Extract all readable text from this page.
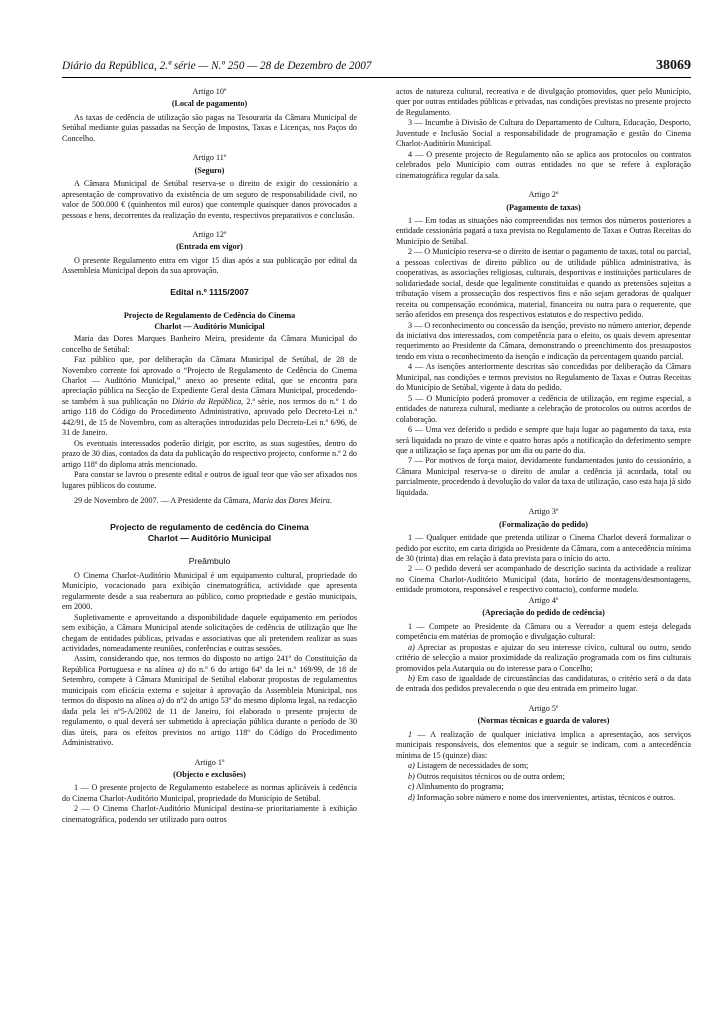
Diário da República, 2.ª série — N.º 250 — 28 de Dezembro de 2007	38069
Artigo 10º
(Local de pagamento)

As taxas de cedência de utilização são pagas na Tesouraria da Câmara Municipal de Setúbal mediante guias passadas na Secção de Impostos, Taxas e Licenças, nos Paços do Concelho.

Artigo 11º
(Seguro)

A Câmara Municipal de Setúbal reserva-se o direito de exigir do cessionário a apresentação de comprovativo da existência de um seguro de responsabilidade civil, no valor de 500.000 € (quinhentos mil euros) que contemple quaisquer danos provocados a pessoas e bens, decorrentes da realização do evento, respectivos preparativos e conclusão.

Artigo 12º
(Entrada em vigor)

O presente Regulamento entra em vigor 15 dias após a sua publicação por edital da Assembleia Municipal depois da sua aprovação.

Edital n.º 1115/2007
Projecto de Regulamento de Cedência do Cinema
Charlot — Auditório Municipal

Maria das Dores Marques Banheiro Meira, presidente da Câmara Municipal do concelho de Setúbal:

Faz público que, por deliberação da Câmara Municipal de Setúbal, de 28 de Novembro corrente foi aprovado o “Projecto de Regulamento de Cedência do Cinema Charlot — Auditório Municipal,” anexo ao presente edital, que se encontra para apreciação pública na Secção de Expediente Geral desta Câmara Municipal, procedendo-se também à sua publicação no Diário da República, 2.ª série, nos termos do n.º 1 do artigo 118 do Código do Procedimento Administrativo, aprovado pelo Decreto-Lei n.º 442/91, de 15 de Novembro, com as alterações introduzidas pelo Decreto-Lei n.º 6/96, de 31 de Janeiro.

Os eventuais interessados poderão dirigir, por escrito, as suas sugestões, dentro do prazo de 30 dias, contados da data da publicação do respectivo projecto, conforme n.º 2 do artigo 118º do diploma atrás mencionado.

Para constar se lavrou o presente edital e outros de igual teor que vão ser afixados nos lugares públicos do costume.

29 de Novembro de 2007. — A Presidente da Câmara, Maria das Dores Meira.

Projecto de regulamento de cedência do Cinema
Charlot — Auditório Municipal
Preâmbulo

O Cinema Charlot-Auditório Municipal é um equipamento cultural, propriedade do Município, vocacionado para exibição cinematográfica, actividade que apresenta regularmente desde a sua reabertura ao público, como propriedade e gestão municipais, em 2000.

Supletivamente e aproveitando a disponibilidade daquele equipamento em períodos sem exibição, a Câmara Municipal atende solicitações de cedência de utilização que lhe chegam de entidades públicas, privadas e associativas que ali pretendem realizar as suas actividades, nomeadamente reuniões, conferências e outras sessões.

Assim, considerando que, nos termos do disposto no artigo 241º do Constituição da República Portuguesa e na alínea a) do n.º 6 do artigo 64º da lei n.º 169/99, de 18 de Setembro, compete à Câmara Municipal de Setúbal elaborar propostas de regulamentos municipais com eficácia externa e sujeitar à aprovação da Assembleia Municipal, nos termos do disposto na alínea a) do nº2 do artigo 53º do mesmo diploma legal, na redacção dada pela lei nº5-A/2002 de 11 de Janeiro, foi elaborado o presente projecto de regulamento, o qual deverá ser submetido à apreciação pública durante o período de 30 dias úteis, para os efeitos previstos no artigo 118º do Código do Procedimento Administrativo.

Artigo 1º
(Objecto e exclusões)

1 — O presente projecto de Regulamento estabelece as normas aplicáveis à cedência do Cinema Charlot-Auditório Municipal, propriedade do Município de Setúbal.

2 — O Cinema Charlot-Auditório Municipal destina-se prioritariamente à exibição cinematográfica, podendo ser utilizado para outros

actos de natureza cultural, recreativa e de divulgação promovidos, quer pelo Município, quer por outras entidades públicas e privadas, nas condições previstas no presente projecto de Regulamento.

3 — Incumbe à Divisão de Cultura do Departamento de Cultura, Educação, Desporto, Juventude e Inclusão Social a responsabilidade de programação e gestão do Cinema Charlot-Auditório Municipal.

4 — O presente projecto de Regulamento não se aplica aos protocolos ou contratos celebrados pelo Município com outras entidades no que se refere à exploração cinematográfica regular da sala.

Artigo 2º
(Pagamento de taxas)

1 — Em todas as situações não compreendidas nos termos dos números posteriores a entidade cessionária pagará a taxa prevista no Regulamento de Taxas e Outras Receitas do Município de Setúbal.

2 — O Município reserva-se o direito de isentar o pagamento de taxas, total ou parcial, a pessoas colectivas de direito público ou de utilidade pública administrativa, às cooperativas, as associações religiosas, culturais, desportivas e instituições particulares de solidariedade social, desde que legalmente constituídas e quando as pretensões sujeitas a tributação visem a prossecução dos respectivos fins e não sejam geradoras de qualquer receita ou compensação económica, material, financeira ou outra para o requerente, que serão aferidos em presença dos respectivos estatutos e do respectivo pedido.

3 — O reconhecimento ou concessão da isenção, previsto no número anterior, depende da iniciativa dos interessados, com competência para o efeito, os quais devem apresentar requerimento ao Presidente da Câmara, demonstrando o preenchimento dos pressupostos tendo em vista o reconhecimento da isenção e indicação da percentagem quando parcial.

4 — As isenções anteriormente descritas são concedidas por deliberação da Câmara Municipal, nas condições e termos previstos no Regulamento de Taxas e Outras Receitas do Município de Setúbal, vigente à data do pedido.

5 — O Município poderá promover a cedência de utilização, em regime especial, a entidades de natureza cultural, mediante a celebração de protocolos ou outros acordos de colaboração.

6 — Uma vez deferido o pedido e sempre que haja lugar ao pagamento da taxa, esta será liquidada no prazo de vinte e quatro horas após a notificação do deferimento sempre que a utilização se faça apenas por um dia ou parte do dia.

7 — Por motivos de força maior, devidamente fundamentados junto do cessionário, a Câmara Municipal reserva-se o direito de anular a cedência já acordada, total ou parcialmente, procedendo à devolução do valor da taxa de utilização, caso esta haja já sido liquidada.

Artigo 3º
(Formalização do pedido)

1 — Qualquer entidade que pretenda utilizar o Cinema Charlot deverá formalizar o pedido por escrito, em carta dirigida ao Presidente da Câmara, com a antecedência mínima de 30 (trinta) dias em relação à data prevista para o início do acto.

2 — O pedido deverá ser acompanhado de descrição sucinta da actividade a realizar no Cinema Charlot-Auditório Municipal (data, horário de montagens/desmontagens, entidade promotora, responsável e respectivo contacto), conforme modelo.

Artigo 4º
(Apreciação do pedido de cedência)

1 — Compete ao Presidente da Câmara ou a Vereador a quem esteja delegada competência em matérias de promoção e divulgação cultural:

a) Apreciar as propostas e ajuizar do seu interesse cívico, cultural ou outro, sendo critério de selecção a maior proximidade da realização programada com os fins culturais promovidos pela Autarquia ou do interesse para o Concelho;

b) Em caso de igualdade de circunstâncias das candidaturas, o critério será o da data de entrada dos pedidos prevalecendo o que deu entrada em primeiro lugar.

Artigo 5º
(Normas técnicas e guarda de valores)

1 — A realização de qualquer iniciativa implica a apresentação, aos serviços municipais responsáveis, dos elementos que a seguir se indicam, com a antecedência mínima de 15 (quinze) dias:

a) Listagem de necessidades de som;

b) Outros requisitos técnicos ou de outra ordem;

c) Alinhamento do programa;

d) Informação sobre número e nome dos intervenientes, artistas, técnicos e outros.
